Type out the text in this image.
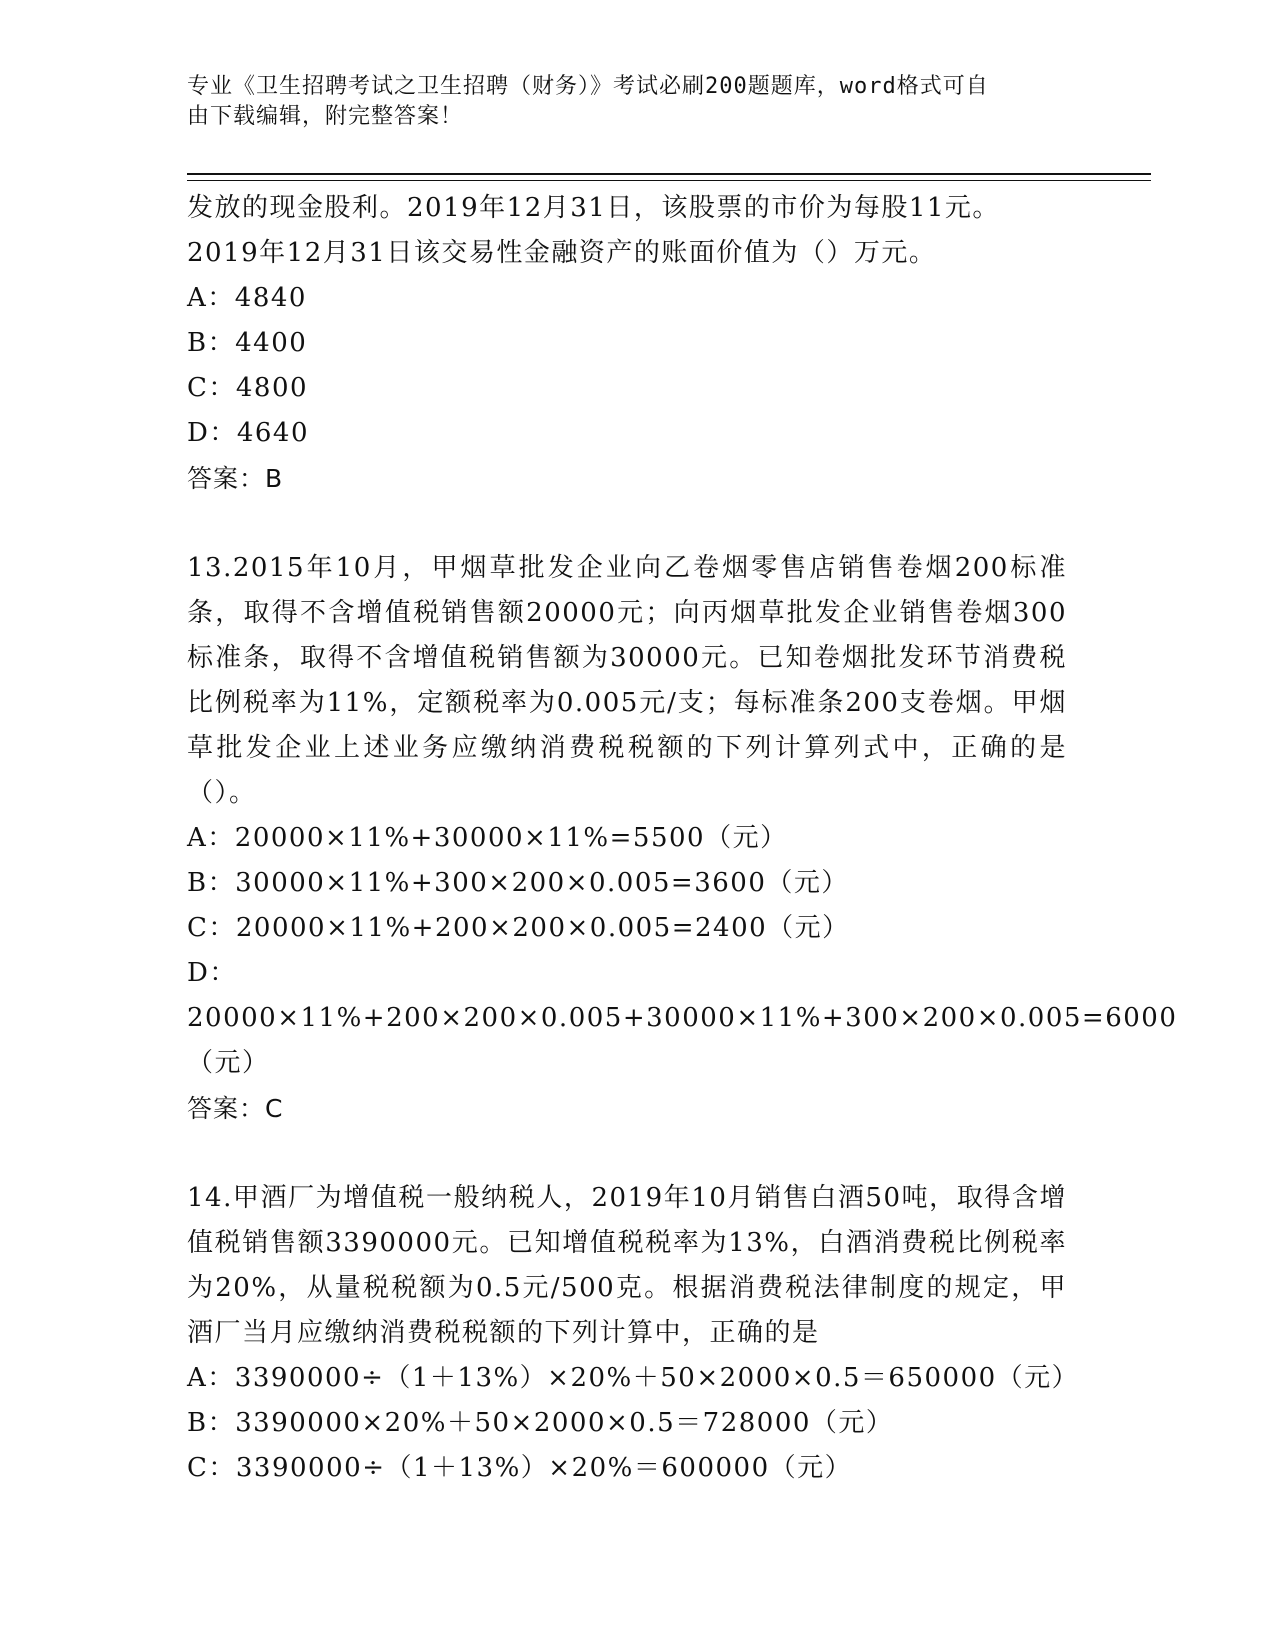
专业《卫生招聘考试之卫生招聘（财务）》考试必刷200题题库，word格式可自
由下载编辑，附完整答案！

发放的现金股利。2019年12月31日，该股票的市价为每股11元。

2019年12月31日该交易性金融资产的账面价值为（）万元。

A：4840

B：4400

C：4800

D：4640

答案：B

13.2015年10月，甲烟草批发企业向乙卷烟零售店销售卷烟200标准条，取得不含增值税销售额20000元；向丙烟草批发企业销售卷烟300标准条，取得不含增值税销售额为30000元。已知卷烟批发环节消费税比例税率为11%，定额税率为0.005元/支；每标准条200支卷烟。甲烟草批发企业上述业务应缴纳消费税税额的下列计算列式中，正确的是（）。

A：20000×11%+30000×11%=5500（元）

B：30000×11%+300×200×0.005=3600（元）

C：20000×11%+200×200×0.005=2400（元）

D：20000×11%+200×200×0.005+30000×11%+300×200×0.005=6000（元）

答案：C

14.甲酒厂为增值税一般纳税人，2019年10月销售白酒50吨，取得含增值税销售额3390000元。已知增值税税率为13%，白酒消费税比例税率为20%，从量税税额为0.5元/500克。根据消费税法律制度的规定，甲酒厂当月应缴纳消费税税额的下列计算中，正确的是

A：3390000÷（1＋13%）×20%＋50×2000×0.5＝650000（元）

B：3390000×20%＋50×2000×0.5＝728000（元）

C：3390000÷（1＋13%）×20%＝600000（元）
